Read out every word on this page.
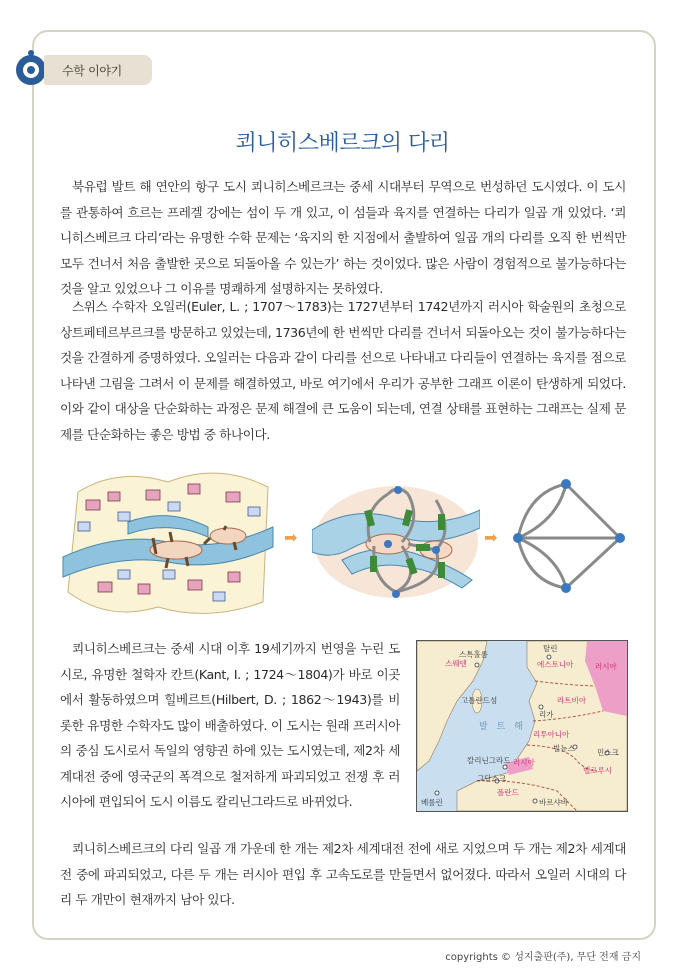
수학 이야기
쾨니히스베르크의 다리

북유럽 발트 해 연안의 항구 도시 쾨니히스베르크는 중세 시대부터 무역으로 번성하던 도시였다. 이 도시를 관통하여 흐르는 프레겔 강에는 섬이 두 개 있고, 이 섬들과 육지를 연결하는 다리가 일곱 개 있었다. ‘쾨니히스베르크 다리’라는 유명한 수학 문제는 ‘육지의 한 지점에서 출발하여 일곱 개의 다리를 오직 한 번씩만 모두 건너서 처음 출발한 곳으로 되돌아올 수 있는가’ 하는 것이었다. 많은 사람이 경험적으로 불가능하다는 것을 알고 있었으나 그 이유를 명쾌하게 설명하지는 못하였다.

스위스 수학자 오일러(Euler, L. ; 1707～1783)는 1727년부터 1742년까지 러시아 학술원의 초청으로 상트페테르부르크를 방문하고 있었는데, 1736년에 한 번씩만 다리를 건너서 되돌아오는 것이 불가능하다는 것을 간결하게 증명하였다. 오일러는 다음과 같이 다리를 선으로 나타내고 다리들이 연결하는 육지를 점으로 나타낸 그림을 그려서 이 문제를 해결하였고, 바로 여기에서 우리가 공부한 그래프 이론이 탄생하게 되었다. 이와 같이 대상을 단순화하는 과정은 문제 해결에 큰 도움이 되는데, 연결 상태를 표현하는 그래프는 실제 문제를 단순화하는 좋은 방법 중 하나이다.

➡	➡

쾨니히스베르크는 중세 시대 이후 19세기까지 번영을 누린 도시로, 유명한 철학자 칸트(Kant, I. ; 1724～1804)가 바로 이곳에서 활동하였으며 힐베르트(Hilbert, D. ; 1862～1943)를 비롯한 유명한 수학자도 많이 배출하였다. 이 도시는 원래 프러시아의 중심 도시로서 독일의 영향권 하에 있는 도시였는데, 제2차 세계대전 중에 영국군의 폭격으로 철저하게 파괴되었고 전쟁 후 러시아에 편입되어 도시 이름도 칼리닌그라드로 바뀌었다.

스톡홀름
스웨덴
탈린
에스토니아	러시아
고틀란드섬
리가
라트비아
발 트 해
리투아니아
빌뉴스	민스크
칼리닌그라드 러시아
벨로루시
그단스크
폴란드
베를린	바르샤바

쾨니히스베르크의 다리 일곱 개 가운데 한 개는 제2차 세계대전 전에 새로 지었으며 두 개는 제2차 세계대전 중에 파괴되었고, 다른 두 개는 러시아 편입 후 고속도로를 만들면서 없어졌다. 따라서 오일러 시대의 다리 두 개만이 현재까지 남아 있다.

copyrights © 성지출판(주), 무단 전재 금지
